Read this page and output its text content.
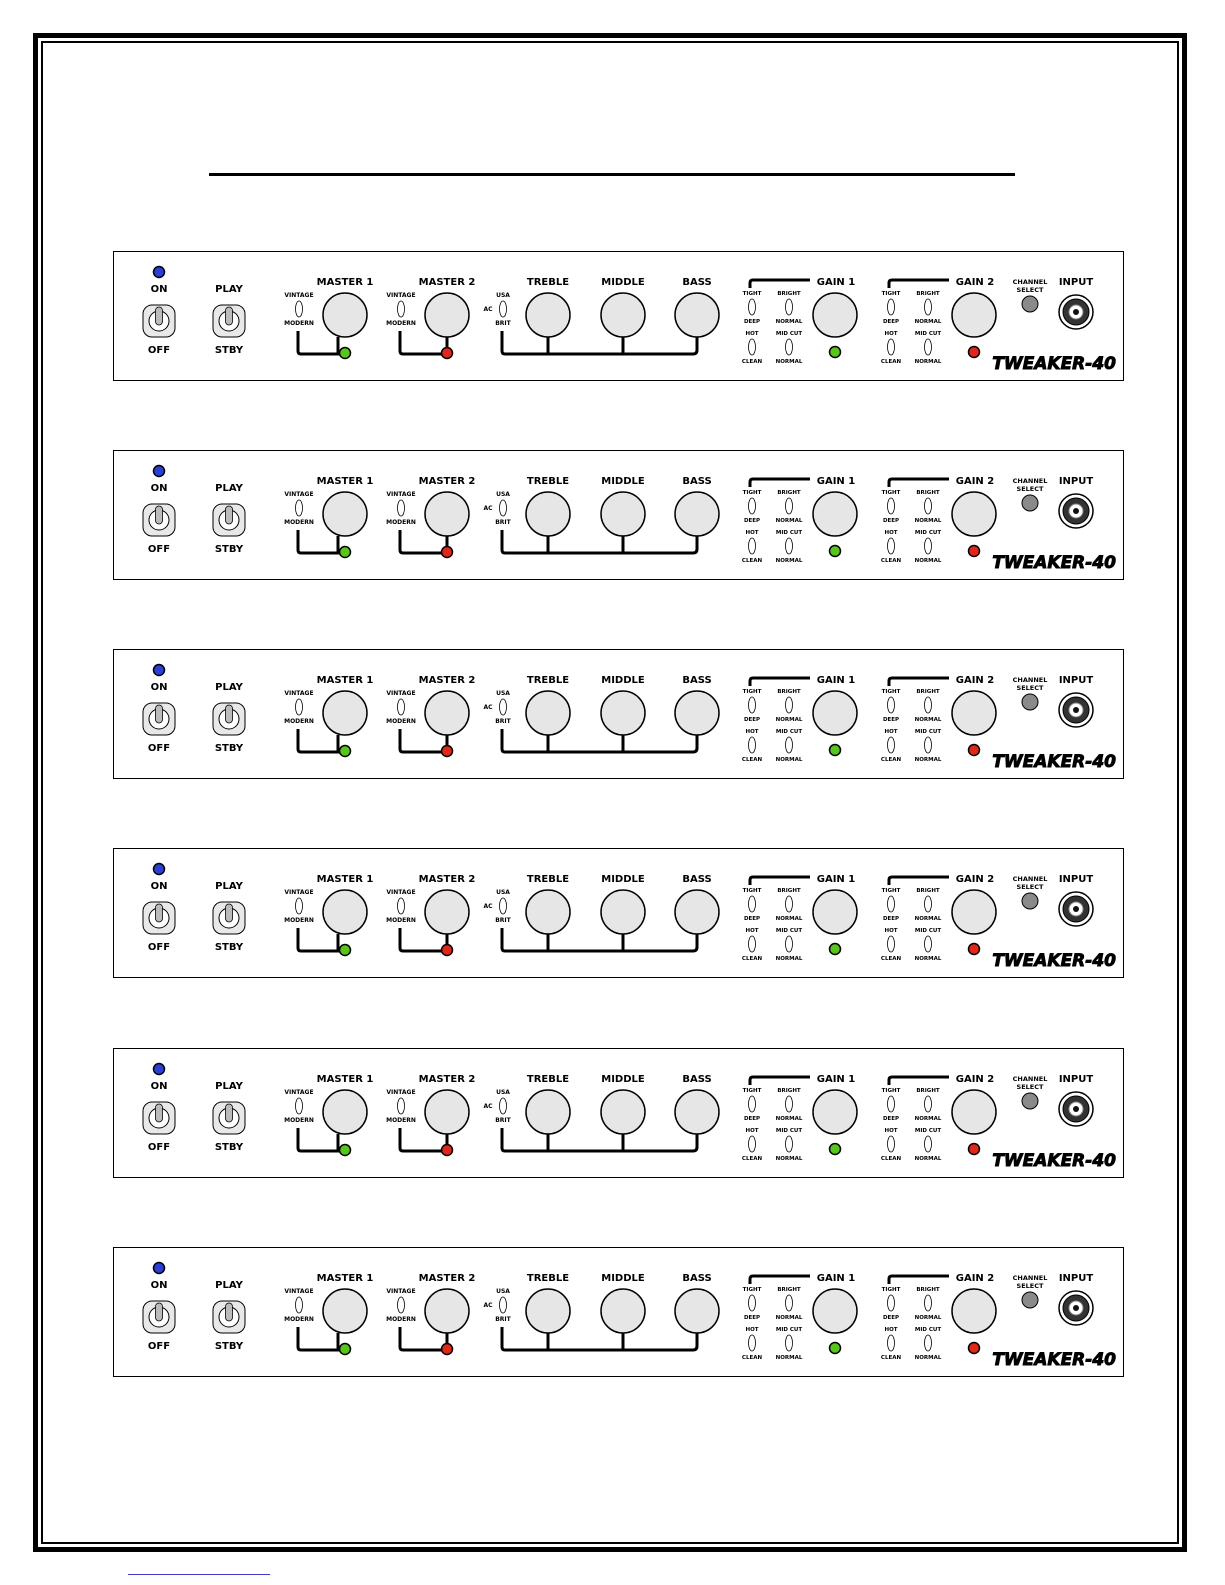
ON
OFF
PLAY
STBY
VINTAGE
MODERN
MASTER 1
VINTAGE
MODERN
MASTER 2
USA
AC
BRIT
TREBLE	MIDDLE	BASS	GAIN 1
TIGHT
DEEP
HOT
CLEAN
BRIGHT
NORMAL
MID CUT
NORMAL
GAIN 2
TIGHT
DEEP
HOT
CLEAN
BRIGHT
NORMAL
MID CUT
NORMAL
CHANNEL
SELECT
INPUT
TWEAKER-40
ON
OFF
PLAY
STBY
VINTAGE
MODERN
MASTER 1
VINTAGE
MODERN
MASTER 2
USA
AC
BRIT
TREBLE	MIDDLE	BASS	GAIN 1
TIGHT
DEEP
HOT
CLEAN
BRIGHT
NORMAL
MID CUT
NORMAL
GAIN 2
TIGHT
DEEP
HOT
CLEAN
BRIGHT
NORMAL
MID CUT
NORMAL
CHANNEL
SELECT
INPUT
TWEAKER-40
ON
OFF
PLAY
STBY
VINTAGE
MODERN
MASTER 1
VINTAGE
MODERN
MASTER 2
USA
AC
BRIT
TREBLE	MIDDLE	BASS	GAIN 1
TIGHT
DEEP
HOT
CLEAN
BRIGHT
NORMAL
MID CUT
NORMAL
GAIN 2
TIGHT
DEEP
HOT
CLEAN
BRIGHT
NORMAL
MID CUT
NORMAL
CHANNEL
SELECT
INPUT
TWEAKER-40
ON
OFF
PLAY
STBY
VINTAGE
MODERN
MASTER 1
VINTAGE
MODERN
MASTER 2
USA
AC
BRIT
TREBLE	MIDDLE	BASS	GAIN 1
TIGHT
DEEP
HOT
CLEAN
BRIGHT
NORMAL
MID CUT
NORMAL
GAIN 2
TIGHT
DEEP
HOT
CLEAN
BRIGHT
NORMAL
MID CUT
NORMAL
CHANNEL
SELECT
INPUT
TWEAKER-40
ON
OFF
PLAY
STBY
VINTAGE
MODERN
MASTER 1
VINTAGE
MODERN
MASTER 2
USA
AC
BRIT
TREBLE	MIDDLE	BASS	GAIN 1
TIGHT
DEEP
HOT
CLEAN
BRIGHT
NORMAL
MID CUT
NORMAL
GAIN 2
TIGHT
DEEP
HOT
CLEAN
BRIGHT
NORMAL
MID CUT
NORMAL
CHANNEL
SELECT
INPUT
TWEAKER-40
ON
OFF
PLAY
STBY
VINTAGE
MODERN
MASTER 1
VINTAGE
MODERN
MASTER 2
USA
AC
BRIT
TREBLE	MIDDLE	BASS	GAIN 1
TIGHT
DEEP
HOT
CLEAN
BRIGHT
NORMAL
MID CUT
NORMAL
GAIN 2
TIGHT
DEEP
HOT
CLEAN
BRIGHT
NORMAL
MID CUT
NORMAL
CHANNEL
SELECT
INPUT
TWEAKER-40
